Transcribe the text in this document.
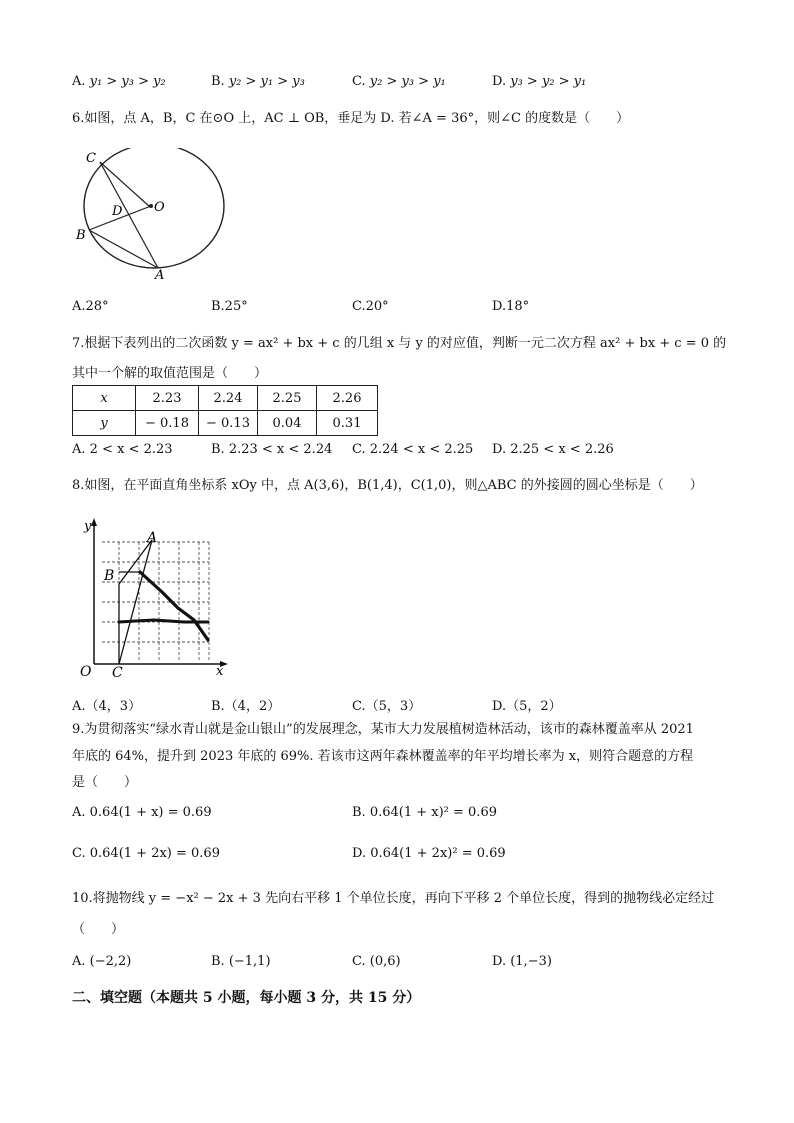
A. y₁ > y₃ > y₂	B. y₂ > y₁ > y₃	C. y₂ > y₃ > y₁	D. y₃ > y₂ > y₁
6.如图，点 A，B，C 在⊙O 上，AC ⊥ OB，垂足为 D. 若∠A = 36°，则∠C 的度数是（　　）
C
D O
B
A
A.28°	B.25°	C.20°	D.18°
7.根据下表列出的二次函数 y = ax² + bx + c 的几组 x 与 y 的对应值，判断一元二次方程 ax² + bx + c = 0 的
其中一个解的取值范围是（　　）
x	2.23	2.24	2.25	2.26
y	− 0.18	− 0.13	0.04	0.31
A. 2 < x < 2.23	B. 2.23 < x < 2.24 C. 2.24 < x < 2.25 D. 2.25 < x < 2.26
8.如图，在平面直角坐标系 xOy 中，点 A(3,6)，B(1,4)，C(1,0)，则△ABC 的外接圆的圆心坐标是（　　）
y
x
O
A
B
C
A.（4，3）	B.（4，2）	C.（5，3）	D.（5，2）
9.为贯彻落实“绿水青山就是金山银山”的发展理念，某市大力发展植树造林活动，该市的森林覆盖率从 2021
年底的 64%，提升到 2023 年底的 69%. 若该市这两年森林覆盖率的年平均增长率为 x，则符合题意的方程
是（　　）
A. 0.64(1 + x) = 0.69	B. 0.64(1 + x)² = 0.69
C. 0.64(1 + 2x) = 0.69	D. 0.64(1 + 2x)² = 0.69
10.将抛物线 y = −x² − 2x + 3 先向右平移 1 个单位长度，再向下平移 2 个单位长度，得到的抛物线必定经过
（　　）
A. (−2,2)	B. (−1,1)	C. (0,6)	D. (1,−3)
二、填空题（本题共 5 小题，每小题 3 分，共 15 分）
